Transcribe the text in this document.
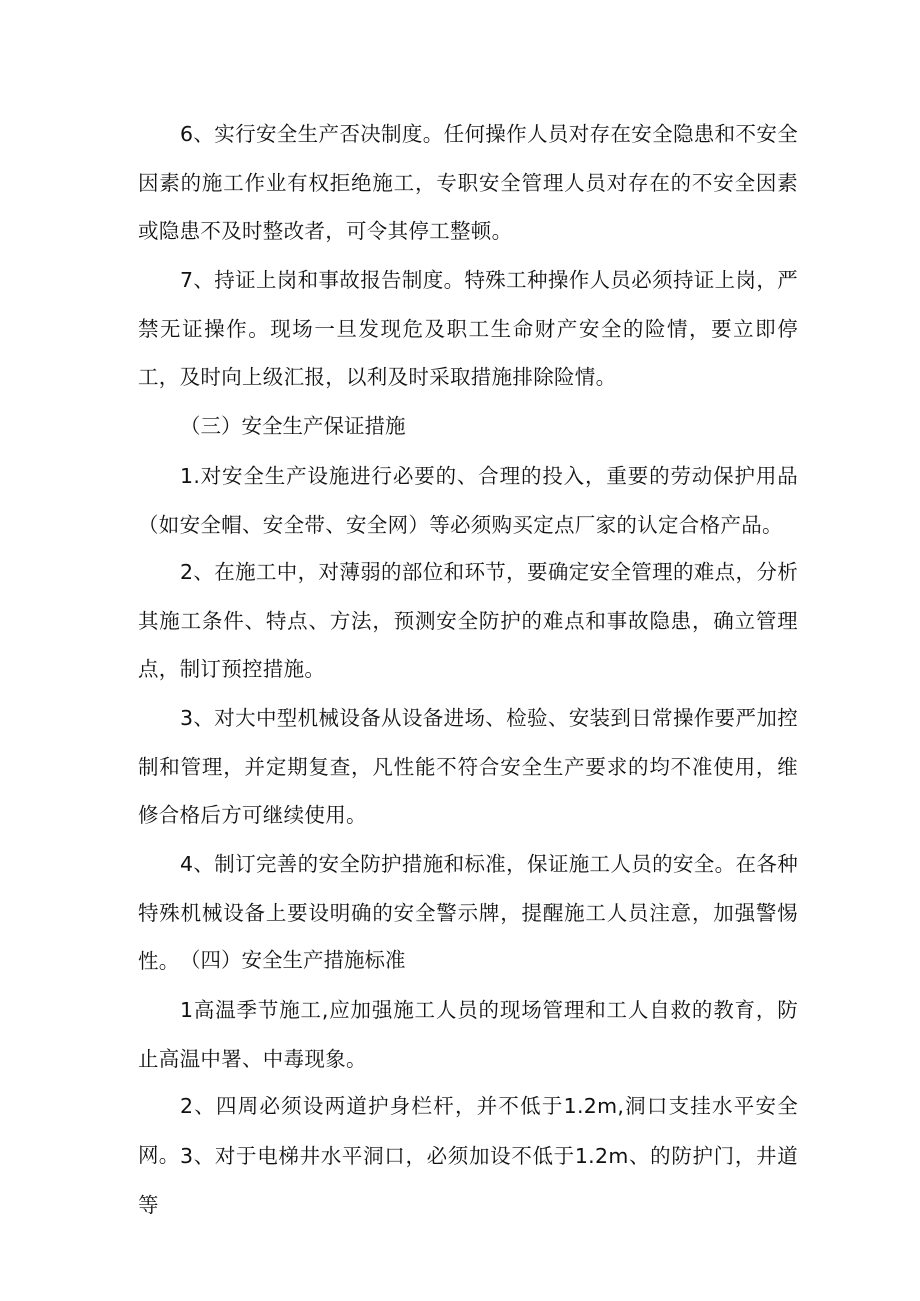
6、实行安全生产否决制度。任何操作人员对存在安全隐患和不安全因素的施工作业有权拒绝施工，专职安全管理人员对存在的不安全因素或隐患不及时整改者，可令其停工整顿。

7、持证上岗和事故报告制度。特殊工种操作人员必须持证上岗，严禁无证操作。现场一旦发现危及职工生命财产安全的险情，要立即停工，及时向上级汇报，以利及时采取措施排除险情。

（三）安全生产保证措施

1.对安全生产设施进行必要的、合理的投入，重要的劳动保护用品（如安全帽、安全带、安全网）等必须购买定点厂家的认定合格产品。

2、在施工中，对薄弱的部位和环节，要确定安全管理的难点，分析其施工条件、特点、方法，预测安全防护的难点和事故隐患，确立管理点，制订预控措施。

3、对大中型机械设备从设备进场、检验、安装到日常操作要严加控制和管理，并定期复查，凡性能不符合安全生产要求的均不准使用，维修合格后方可继续使用。

4、制订完善的安全防护措施和标准，保证施工人员的安全。在各种特殊机械设备上要设明确的安全警示牌，提醒施工人员注意，加强警惕性。 （四）安全生产措施标准

1高温季节施工,应加强施工人员的现场管理和工人自救的教育，防止高温中署、中毒现象。

2、四周必须设两道护身栏杆，并不低于1.2m,洞口支挂水平安全网。 3、对于电梯井水平洞口，必须加设不低于1.2m、的防护门，井道等
